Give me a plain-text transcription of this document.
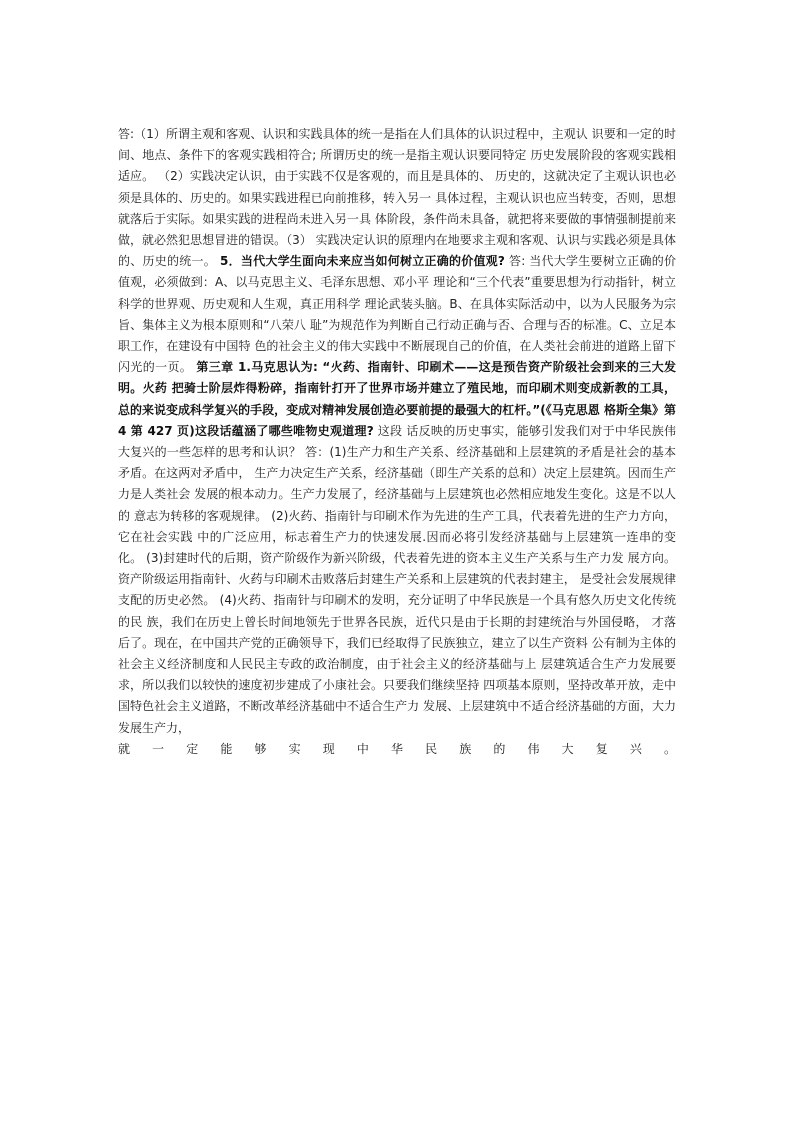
答:（1）所谓主观和客观、认识和实践具体的统一是指在人们具体的认识过程中，主观认 识要和一定的时间、地点、条件下的客观实践相符合; 所谓历史的统一是指主观认识要同特定 历史发展阶段的客观实践相适应。 （2）实践决定认识，由于实践不仅是客观的，而且是具体的、 历史的，这就决定了主观认识也必须是具体的、历史的。如果实践进程已向前推移，转入另一 具体过程，主观认识也应当转变，否则，思想就落后于实际。如果实践的进程尚未进入另一具 体阶段，条件尚未具备，就把将来要做的事情强制提前来做，就必然犯思想冒进的错误。（3） 实践决定认识的原理内在地要求主观和客观、认识与实践必须是具体的、历史的统一。 5．当代大学生面向未来应当如何树立正确的价值观? 答: 当代大学生要树立正确的价值观，必须做到：A、以马克思主义、毛泽东思想、邓小平 理论和“三个代表”重要思想为行动指针，树立科学的世界观、历史观和人生观，真正用科学 理论武装头脑。B、在具体实际活动中，以为人民服务为宗旨、集体主义为根本原则和“八荣八 耻”为规范作为判断自己行动正确与否、合理与否的标准。C、立足本职工作，在建设有中国特 色的社会主义的伟大实践中不断展现自己的价值，在人类社会前进的道路上留下闪光的一页。 第三章 1.马克思认为: “火药、指南针、印刷术——这是预告资产阶级社会到来的三大发明。火药 把骑士阶层炸得粉碎，指南针打开了世界市场并建立了殖民地，而印刷术则变成新教的工具， 总的来说变成科学复兴的手段，变成对精神发展创造必要前提的最强大的杠杆。”(《马克思恩 格斯全集》第 4 第 427 页)这段话蕴涵了哪些唯物史观道理? 这段 话反映的历史事实，能够引发我们对于中华民族伟大复兴的一些怎样的思考和认识？ 答：(1)生产力和生产关系、经济基础和上层建筑的矛盾是社会的基本矛盾。在这两对矛盾中， 生产力决定生产关系，经济基础（即生产关系的总和）决定上层建筑。因而生产力是人类社会 发展的根本动力。生产力发展了，经济基础与上层建筑也必然相应地发生变化。这是不以人的 意志为转移的客观规律。 (2)火药、指南针与印刷术作为先进的生产工具，代表着先进的生产力方向，它在社会实践 中的广泛应用，标志着生产力的快速发展.因而必将引发经济基础与上层建筑一连串的变化。 (3)封建时代的后期，资产阶级作为新兴阶级，代表着先进的资本主义生产关系与生产力发 展方向。资产阶级运用指南针、火药与印刷术击败落后封建生产关系和上层建筑的代表封建主， 是受社会发展规律支配的历史必然。 (4)火药、指南针与印刷术的发明，充分证明了中华民族是一个具有悠久历史文化传统的民 族，我们在历史上曾长时间地领先于世界各民族，近代只是由于长期的封建统治与外国侵略， 才落后了。现在，在中国共产党的正确领导下，我们已经取得了民族独立，建立了以生产资料 公有制为主体的社会主义经济制度和人民民主专政的政治制度，由于社会主义的经济基础与上 层建筑适合生产力发展要求，所以我们以较快的速度初步建成了小康社会。只要我们继续坚持 四项基本原则，坚持改革开放，走中国特色社会主义道路，不断改革经济基础中不适合生产力 发展、上层建筑中不适合经济基础的方面，大力发展生产力，
就一定能够实现中华民族的伟大复兴。
